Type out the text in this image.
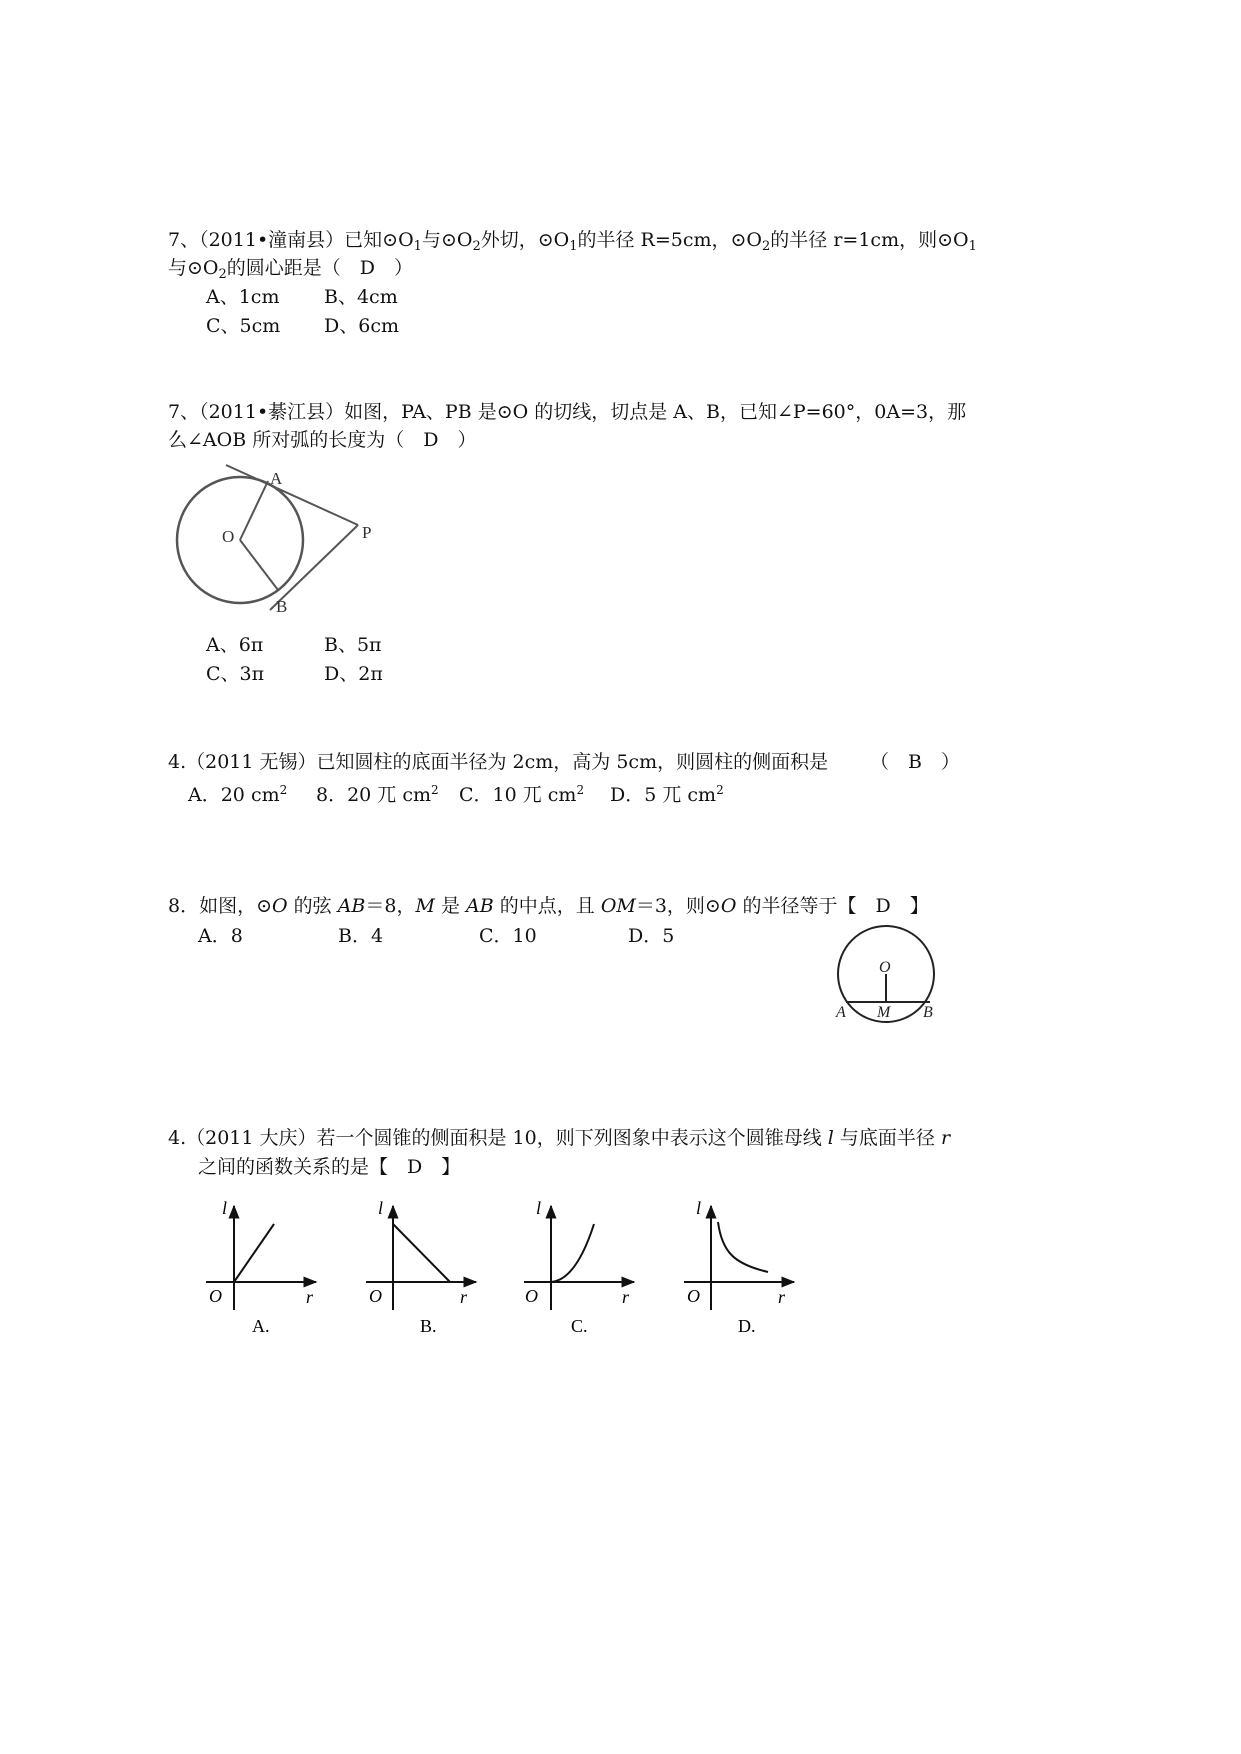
7、（2011•潼南县）已知$⊙O_1$与$⊙O_2$外切，$⊙O_1$的半径 R=5cm，$⊙O_2$的半径 r=1cm，则$⊙O_1$
与$⊙O_2$的圆心距是（　D　）
A、1cm B、4cm
C、5cm D、6cm
7、（2011•綦江县）如图，PA、PB 是⊙O 的切线，切点是 A、B，已知∠P=60°，0A=3，那
么∠AOB 所对弧的长度为（　D　）
A
O	P
B
A、6π	B、5π
C、3π	D、2π
4.（2011 无锡）已知圆柱的底面半径为 2cm，高为 5cm，则圆柱的侧面积是 （　B　）
A．20 $cm^2$ 8．20 兀 $cm^2$ C．10 兀 $cm^2$ D．5 兀 $cm^2$
8．如图，⊙O 的弦 AB＝8，M 是 AB 的中点，且 OM＝3，则⊙O 的半径等于【　D　】
A．8	B．4	C．10	D．5
O
A M B
4.（2011 大庆）若一个圆锥的侧面积是 10，则下列图象中表示这个圆锥母线 l 与底面半径 r
之间的函数关系的是【　D　】
l
r
O
A.
l
r
O
B.
l
r
O
C.
l
r
O
D.
